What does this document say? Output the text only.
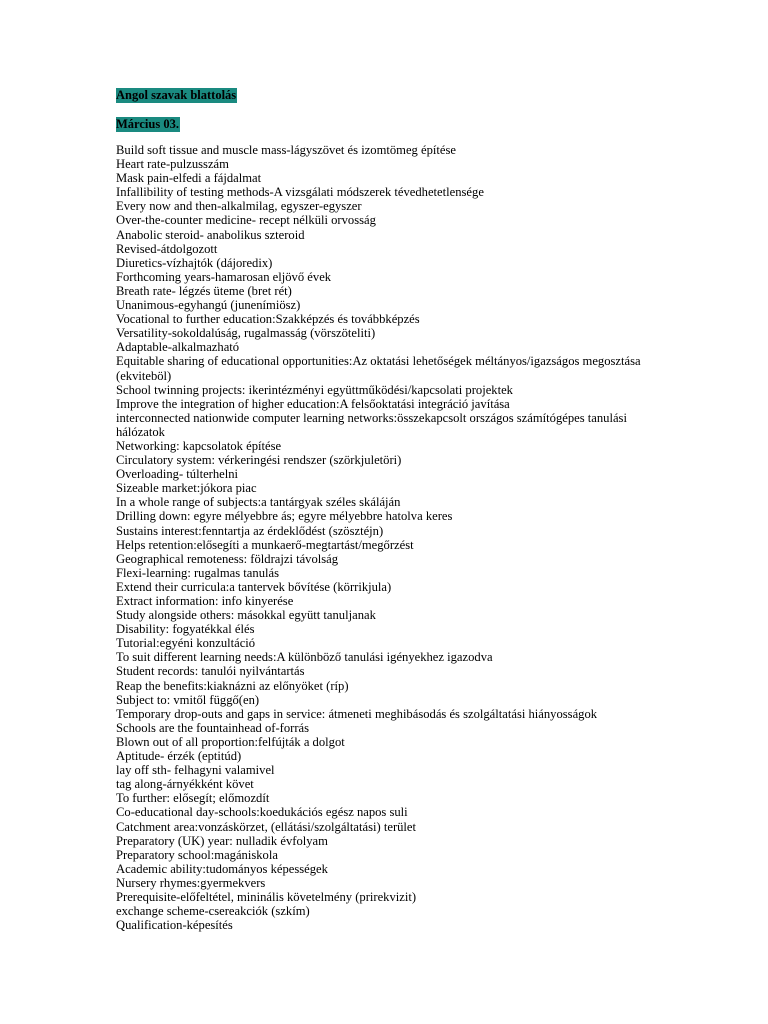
Angol szavak blattolás
Március 03.
Build soft tissue and muscle mass-lágyszövet és izomtömeg építése
Heart rate-pulzusszám
Mask pain-elfedi a fájdalmat
Infallibility of testing methods-A vizsgálati módszerek tévedhetetlensége
Every now and then-alkalmilag, egyszer-egyszer
Over-the-counter medicine- recept nélküli orvosság
Anabolic steroid- anabolikus szteroid
Revised-átdolgozott
Diuretics-vízhajtók (dájoredix)
Forthcoming years-hamarosan eljövő évek
Breath rate- légzés üteme (bret rét)
Unanimous-egyhangú (junenímiösz)
Vocational to further education:Szakképzés és továbbképzés
Versatility-sokoldalúság, rugalmasság (vörszöteliti)
Adaptable-alkalmazható
Equitable sharing of educational opportunities:Az oktatási lehetőségek méltányos/igazságos megosztása (ekviteböl)
School twinning projects: ikerintézményi együttműködési/kapcsolati projektek
Improve the integration of higher education:A felsőoktatási integráció javítása
interconnected nationwide computer learning networks:összekapcsolt országos számítógépes tanulási hálózatok
Networking: kapcsolatok építése
Circulatory system: vérkeringési rendszer (szörkjuletöri)
Overloading- túlterhelni
Sizeable market:jókora piac
In a whole range of subjects:a tantárgyak széles skáláján
Drilling down: egyre mélyebbre ás; egyre mélyebbre hatolva keres
Sustains interest:fenntartja az érdeklődést (szösztéjn)
Helps retention:elősegíti a munkaerő-megtartást/megőrzést
Geographical remoteness: földrajzi távolság
Flexi-learning: rugalmas tanulás
Extend their curricula:a tantervek bővítése (körrikjula)
Extract information: info kinyerése
Study alongside others: másokkal együtt tanuljanak
Disability: fogyatékkal élés
Tutorial:egyéni konzultáció
To suit different learning needs:A különböző tanulási igényekhez igazodva
Student records: tanulói nyilvántartás
Reap the benefits:kiaknázni az előnyöket (ríp)
Subject to: vmitől függő(en)
Temporary drop-outs and gaps in service: átmeneti meghibásodás és szolgáltatási hiányosságok
Schools are the fountainhead of-forrás
Blown out of all proportion:felfújták a dolgot
Aptitude- érzék (eptitúd)
lay off sth- felhagyni valamivel
tag along-árnyékként követ
To further: elősegít; előmozdít
Co-educational day-schools:koedukációs egész napos suli
Catchment area:vonzáskörzet, (ellátási/szolgáltatási) terület
Preparatory (UK) year: nulladik évfolyam
Preparatory school:magániskola
Academic ability:tudományos képességek
Nursery rhymes:gyermekvers
Prerequisite-előfeltétel, mininális követelmény (prirekvizit)
exchange scheme-csereakciók (szkím)
Qualification-képesítés
